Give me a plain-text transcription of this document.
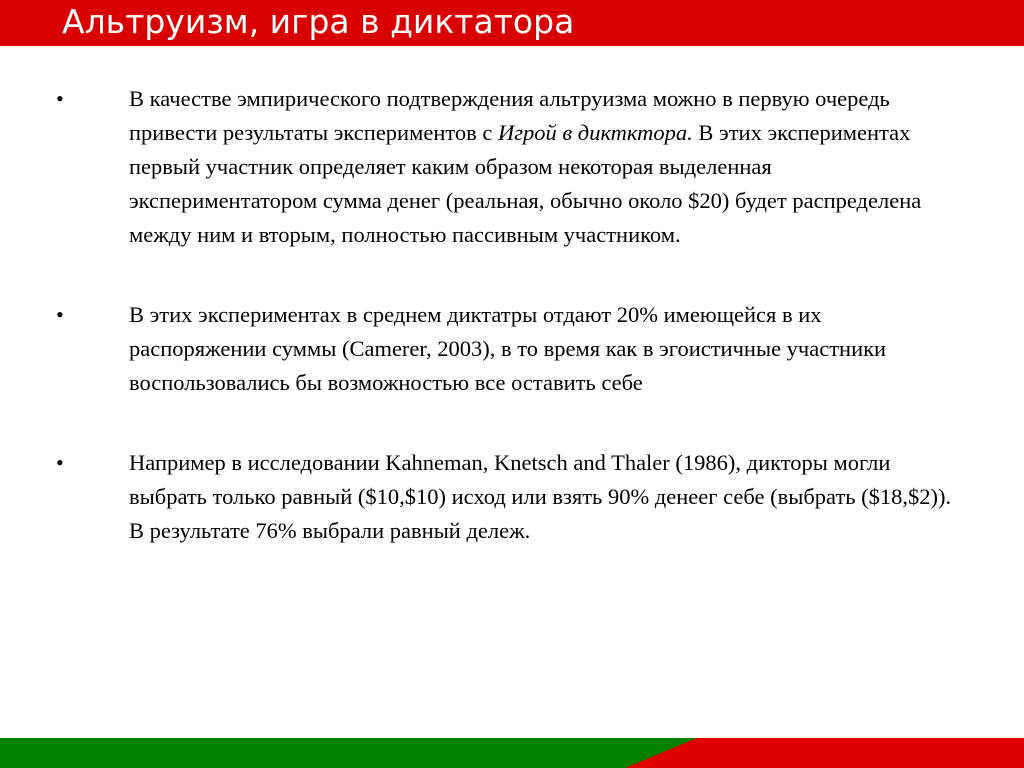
Альтруизм, игра в диктатора
•	В качестве эмпирического подтверждения альтруизма можно в первую очередь привести результаты экспериментов с Игрой в диктктора. В этих экспериментах первый участник определяет каким образом некоторая выделенная экспериментатором сумма денег (реальная, обычно около $20) будет распределена между ним и вторым, полностью пассивным участником.
•	В этих экспериментах в среднем диктатры отдают 20% имеющейся в их распоряжении суммы (Camerer, 2003), в то время как в эгоистичные участники воспользовались бы возможностью все оставить себе
•	Например в исследовании Kahneman, Knetsch and Thaler (1986), дикторы могли выбрать только равный ($10,$10) исход или взять 90% денеег себе (выбрать ($18,$2)). В результате 76% выбрали равный дележ.
